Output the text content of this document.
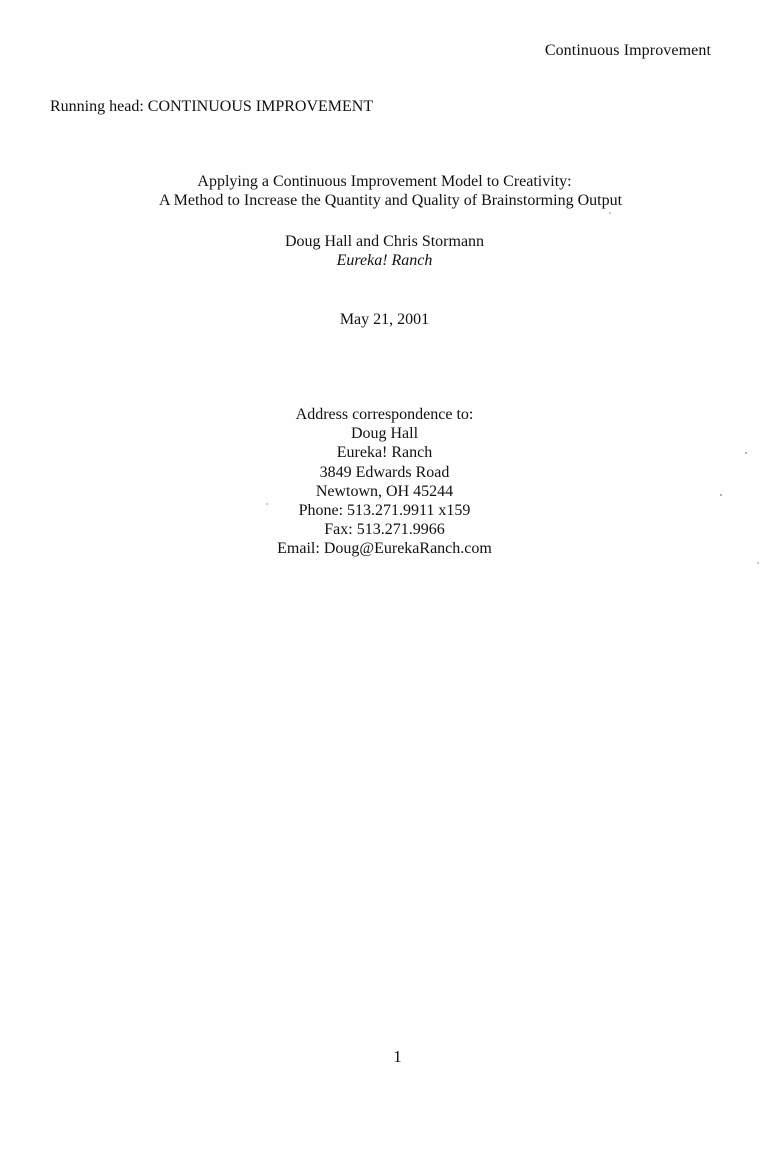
Continuous Improvement
Running head: CONTINUOUS IMPROVEMENT
Applying a Continuous Improvement Model to Creativity:
A Method to Increase the Quantity and Quality of Brainstorming Output
Doug Hall and Chris Stormann
Eureka! Ranch
May 21, 2001
Address correspondence to:
Doug Hall
Eureka! Ranch
3849 Edwards Road
Newtown, OH 45244
Phone: 513.271.9911 x159
Fax: 513.271.9966
Email: Doug@EurekaRanch.com
1
